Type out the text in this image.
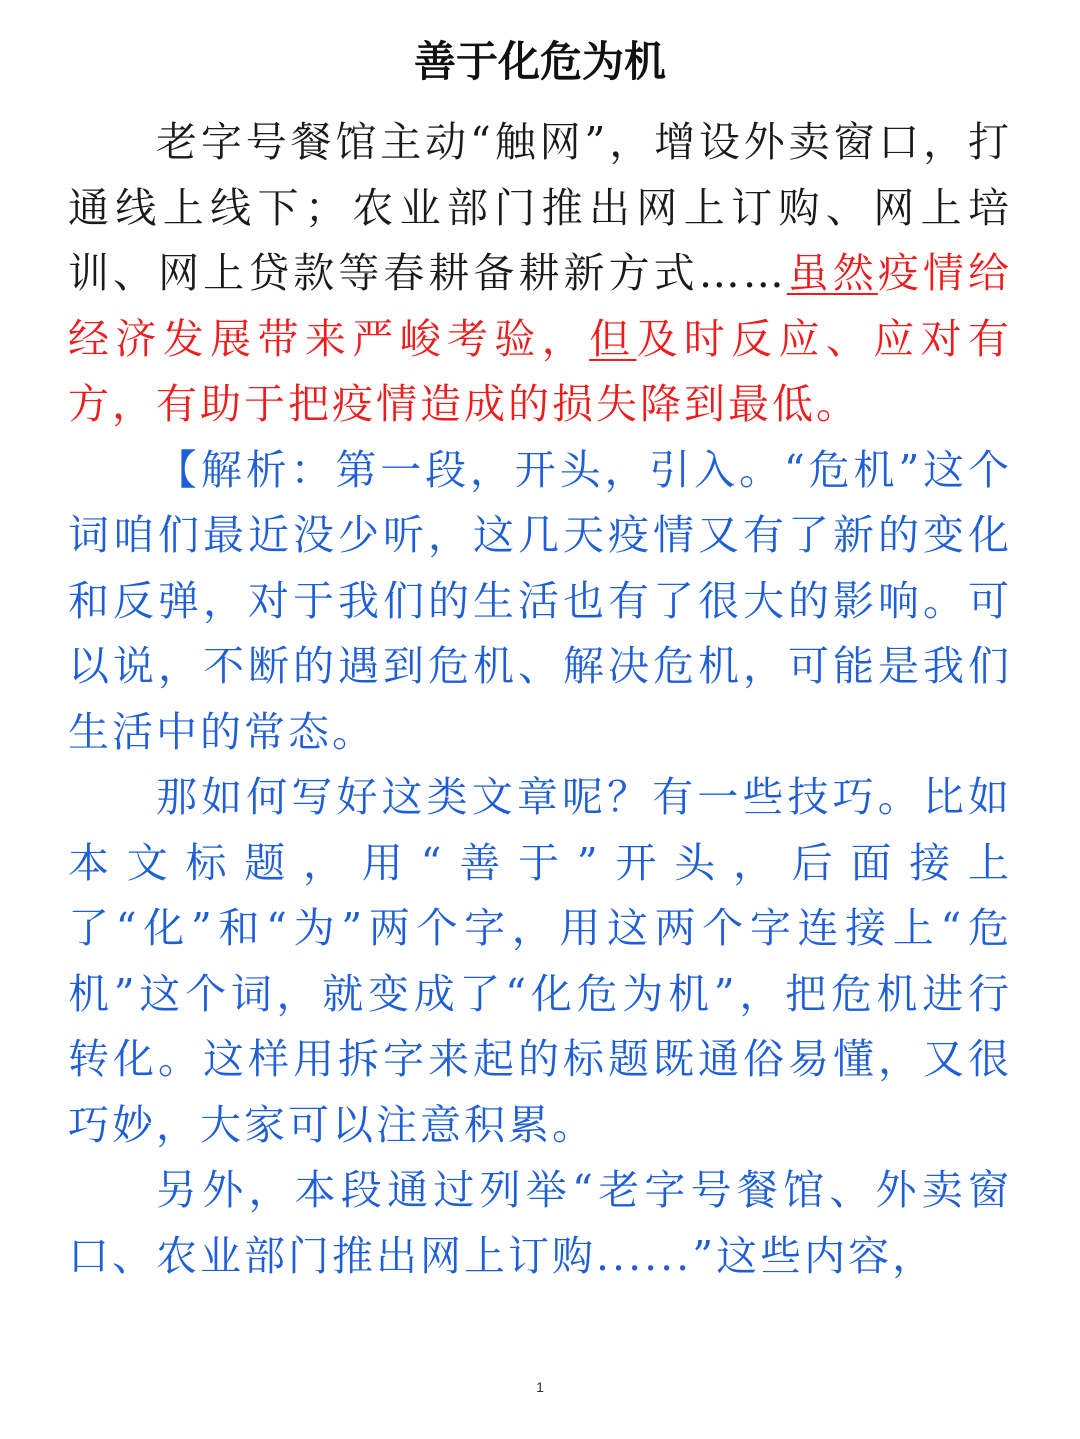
善于化危为机

老字号餐馆主动“触网”，增设外卖窗口，打通线上线下；农业部门推出网上订购、网上培训、网上贷款等春耕备耕新方式……虽然疫情给经济发展带来严峻考验，但及时反应、应对有方，有助于把疫情造成的损失降到最低。

【解析：第一段，开头，引入。“危机”这个词咱们最近没少听，这几天疫情又有了新的变化和反弹，对于我们的生活也有了很大的影响。可以说，不断的遇到危机、解决危机，可能是我们生活中的常态。

那如何写好这类文章呢？有一些技巧。比如本文标题，用“善于”开头，后面接上了“化”和“为”两个字，用这两个字连接上“危机”这个词，就变成了“化危为机”，把危机进行转化。这样用拆字来起的标题既通俗易懂，又很巧妙，大家可以注意积累。

另外，本段通过列举“老字号餐馆、外卖窗口、农业部门推出网上订购......”这些内容，

1
